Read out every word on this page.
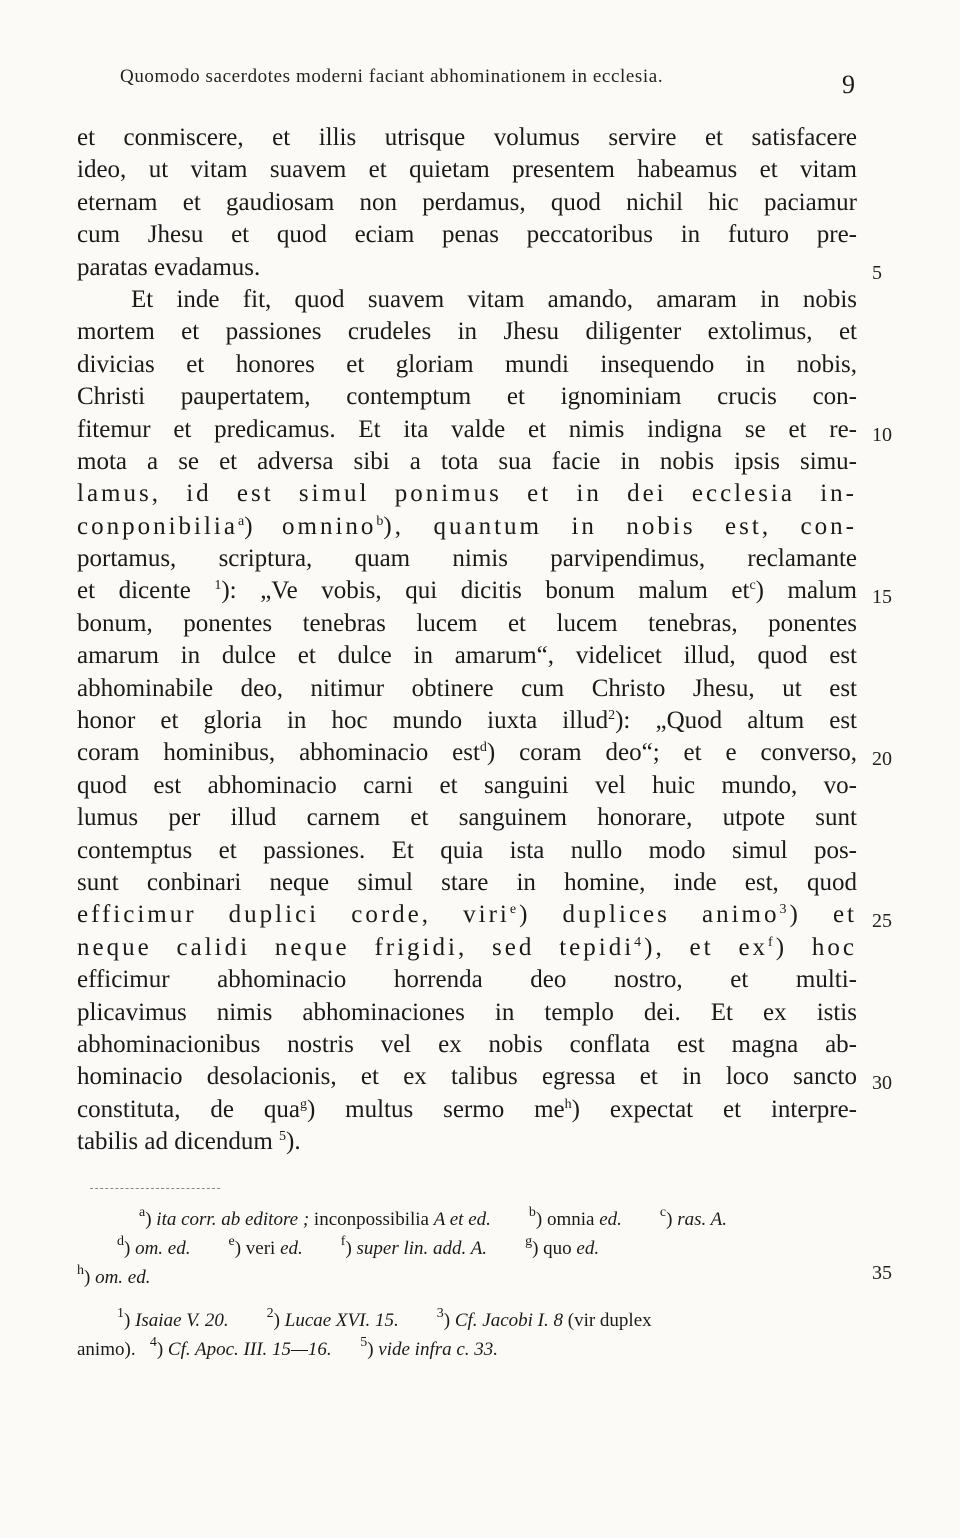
Quomodo sacerdotes moderni faciant abhominationem in ecclesia.	9
et conmiscere, et illis utrisque volumus servire et satisfacere
ideo, ut vitam suavem et quietam presentem habeamus et vitam
eternam et gaudiosam non perdamus, quod nichil hic paciamur
cum Jhesu et quod eciam penas peccatoribus in futuro pre-
paratas evadamus.
Et inde fit, quod suavem vitam amando, amaram in nobis
mortem et passiones crudeles in Jhesu diligenter extolimus, et
divicias et honores et gloriam mundi insequendo in nobis,
Christi paupertatem, contemptum et ignominiam crucis con-
fitemur et predicamus. Et ita valde et nimis indigna se et re-
mota a se et adversa sibi a tota sua facie in nobis ipsis simu-
lamus, id est simul ponimus et in dei ecclesia in-
conponibilia$^a$) omnino$^b$), quantum in nobis est, con-
portamus, scriptura, quam nimis parvipendimus, reclamante
et dicente $^1$): „Ve vobis, qui dicitis bonum malum $et^c$) malum
bonum, ponentes tenebras lucem et lucem tenebras, ponentes
amarum in dulce et dulce in amarum“, videlicet illud, quod est
abhominabile deo, nitimur obtinere cum Christo Jhesu, ut est
honor et gloria in hoc mundo iuxta illud$^2$): „Quod altum est
coram hominibus, abhominacio est$^d$) coram deo“; et e converso,
quod est abhominacio carni et sanguini vel huic mundo, vo-
lumus per illud carnem et sanguinem honorare, utpote sunt
contemptus et passiones. Et quia ista nullo modo simul pos-
sunt conbinari neque simul stare in homine, inde est, quod
efficimur duplici corde, viri$^e$) duplices animo$^3$) et
neque calidi neque frigidi, sed tepidi$^4$), et $ex^f$) hoc
efficimur abhominacio horrenda deo nostro, et multi-
plicavimus nimis abhominaciones in templo dei. Et ex istis
abhominacionibus nostris vel ex nobis conflata est magna ab-
hominacio desolacionis, et ex talibus egressa et in loco sancto
constituta, de qua$^g$) multus sermo $me^h$) expectat et interpre-
tabilis ad dicendum $^5$).
5
10
15
20
25
30
35
$^a$) ita corr. ab editore ; inconpossibilia A et ed.	$^b$) omnia ed.	$^c$) ras. A.
$^d$) om. ed.	$^e$) veri ed.	$^f$) super lin. add. A.	$^g$) quo ed.
$^h$) om. ed.
$^1$) Isaiae V. 20.	$^2$) Lucae XVI. 15.	$^3$) Cf. Jacobi I. 8 (vir duplex
animo). $^4$) Cf. Apoc. III. 15—16. $^5$) vide infra c. 33.
